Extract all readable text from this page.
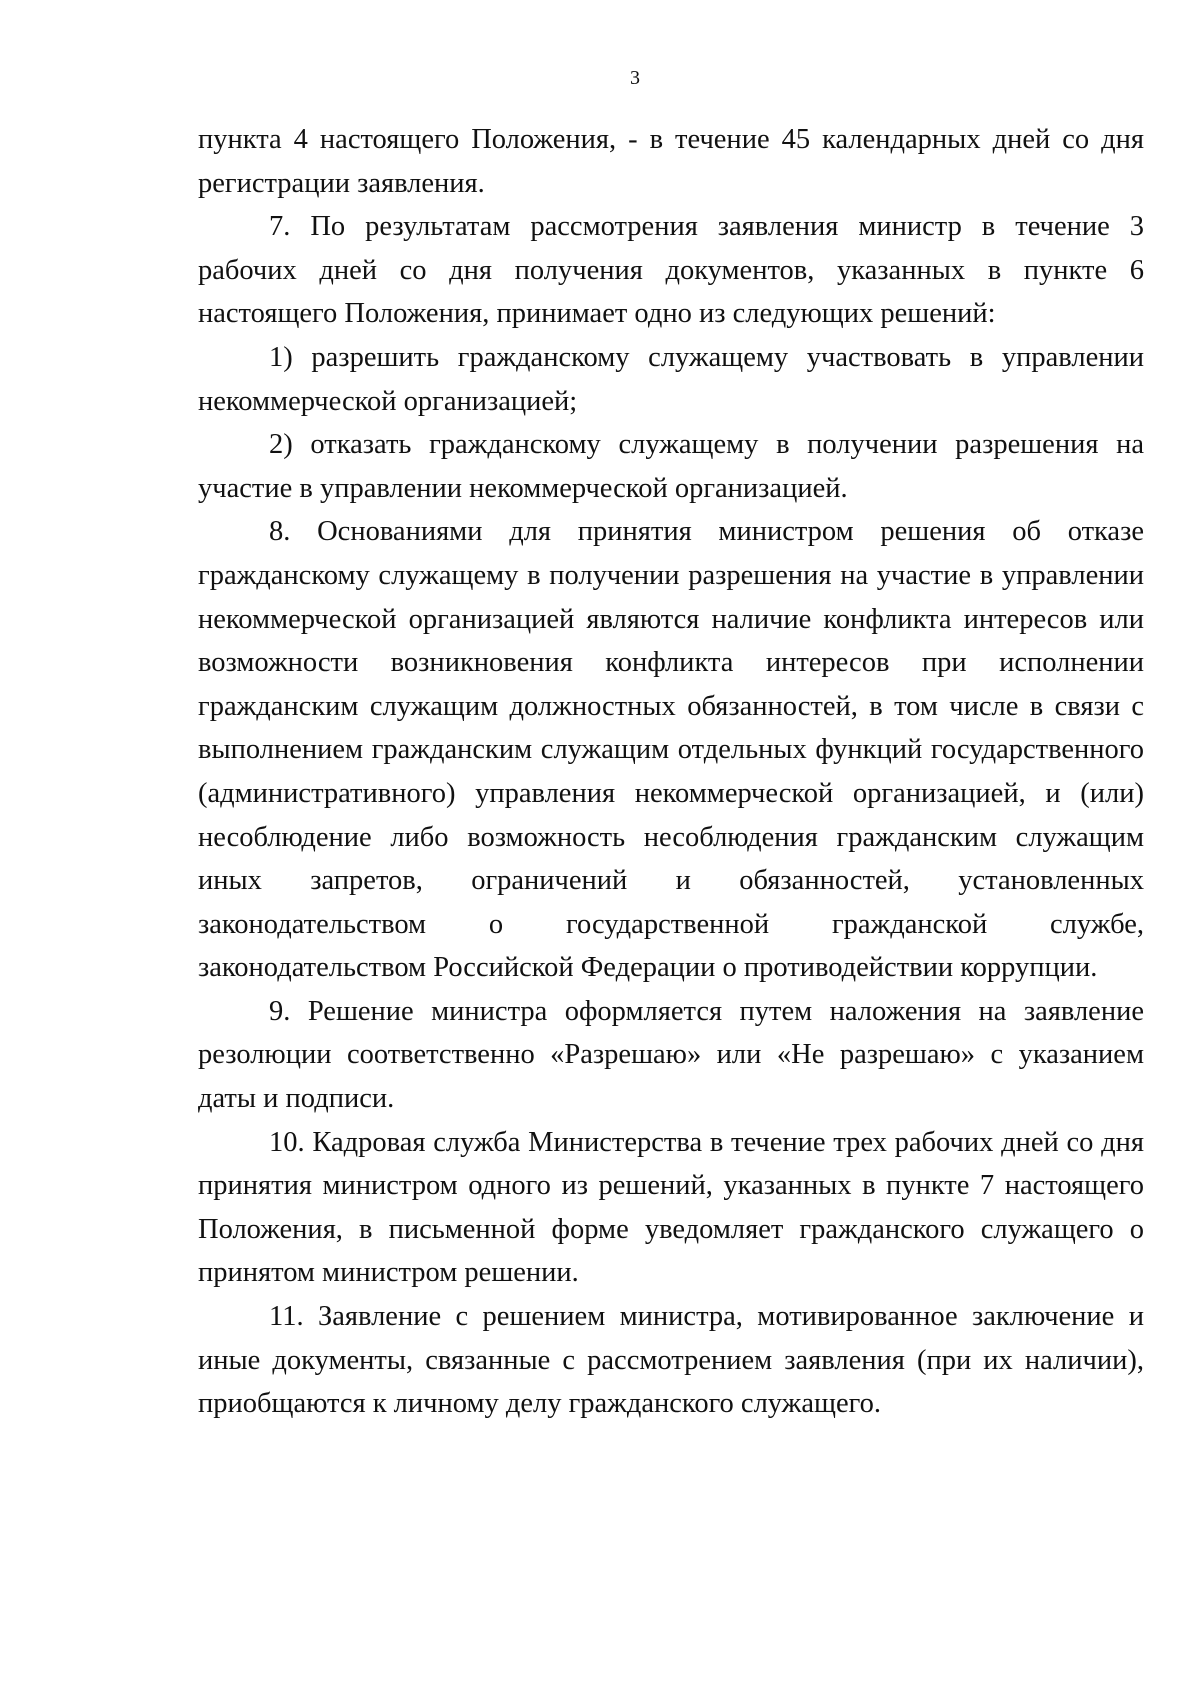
3

пункта 4 настоящего Положения, - в течение 45 календарных дней со дня регистрации заявления.

7. По результатам рассмотрения заявления министр в течение 3 рабочих дней со дня получения документов, указанных в пункте 6 настоящего Положения, принимает одно из следующих решений:

1) разрешить гражданскому служащему участвовать в управлении некоммерческой организацией;

2) отказать гражданскому служащему в получении разрешения на участие в управлении некоммерческой организацией.

8. Основаниями для принятия министром решения об отказе гражданскому служащему в получении разрешения на участие в управлении некоммерческой организацией являются наличие конфликта интересов или возможности возникновения конфликта интересов при исполнении гражданским служащим должностных обязанностей, в том числе в связи с выполнением гражданским служащим отдельных функций государственного (административного) управления некоммерческой организацией, и (или) несоблюдение либо возможность несоблюдения гражданским служащим иных запретов, ограничений и обязанностей, установленных законодательством о государственной гражданской службе, законодательством Российской Федерации о противодействии коррупции.

9. Решение министра оформляется путем наложения на заявление резолюции соответственно «Разрешаю» или «Не разрешаю» с указанием даты и подписи.

10. Кадровая служба Министерства в течение трех рабочих дней со дня принятия министром одного из решений, указанных в пункте 7 настоящего Положения, в письменной форме уведомляет гражданского служащего о принятом министром решении.

11. Заявление с решением министра, мотивированное заключение и иные документы, связанные с рассмотрением заявления (при их наличии), приобщаются к личному делу гражданского служащего.
